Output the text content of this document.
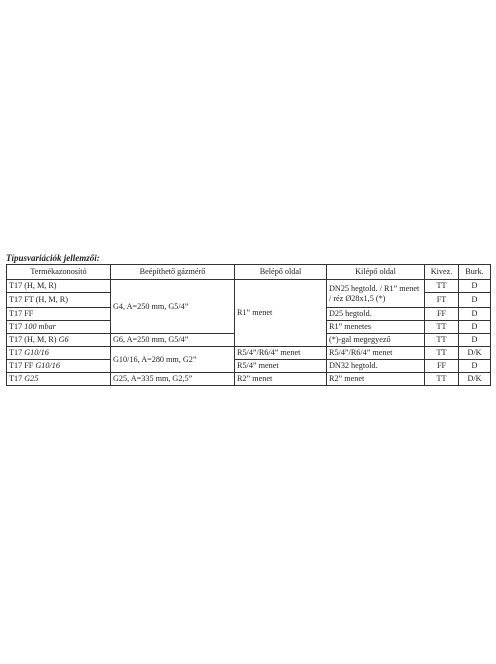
Típusvariációk jellemzői:
Termékazonosító	Beépíthető gázmérő	Belépő oldal	Kilépő oldal	Kivez.	Burk.
T17 (H, M, R)	G4, A=250 mm, G5/4”	R1” menet	DN25 hegtold. / R1” menet / réz Ø28x1,5 (*)	TT	D
T17 FT (H, M, R)				FT	D
T17 FF			D25 hegtold.	FF	D
T17 100 mbar			R1” menetes	TT	D
T17 (H, M, R) G6	G6, A=250 mm, G5/4”		(*)-gal megegyező	TT	D
T17 G10/16	G10/16, A=280 mm, G2”	R5/4”/R6/4” menet	R5/4”/R6/4” menet	TT	D/K
T17 FF G10/16		R5/4” menet	DN32 hegtold.	FF	D
T17 G25	G25, A=335 mm, G2,5”	R2” menet	R2” menet	TT	D/K
